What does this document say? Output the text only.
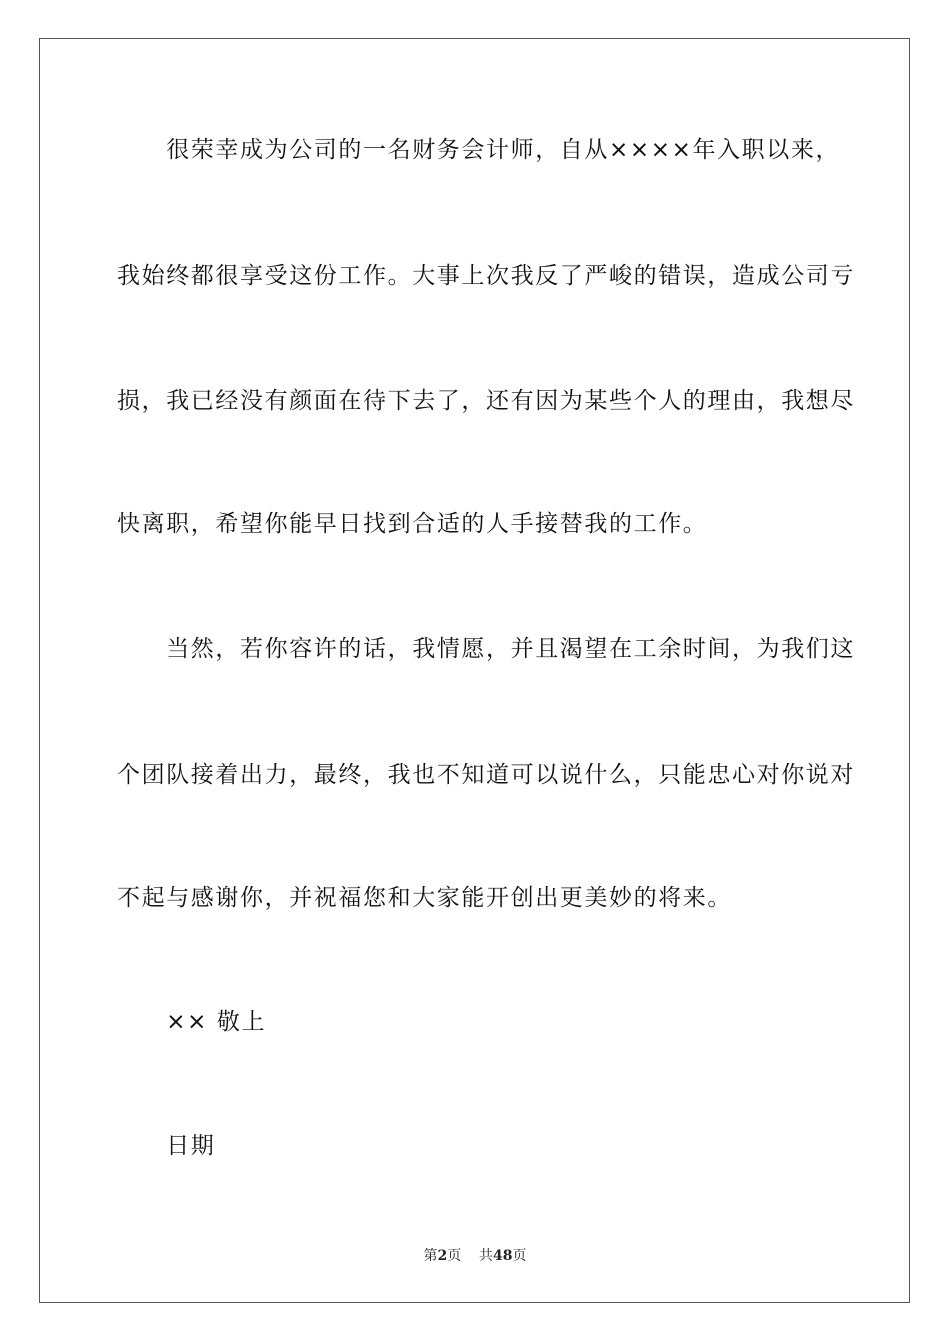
　　很荣幸成为公司的一名财务会计师，自从××××年入职以来，
我始终都很享受这份工作。大事上次我反了严峻的错误，造成公司亏
损，我已经没有颜面在待下去了，还有因为某些个人的理由，我想尽
快离职，希望你能早日找到合适的人手接替我的工作。
　　当然，若你容许的话，我情愿，并且渴望在工余时间，为我们这
个团队接着出力，最终，我也不知道可以说什么，只能忠心对你说对
不起与感谢你，并祝福您和大家能开创出更美妙的将来。
　　×× 敬上
　　日期
第2页 共48页
